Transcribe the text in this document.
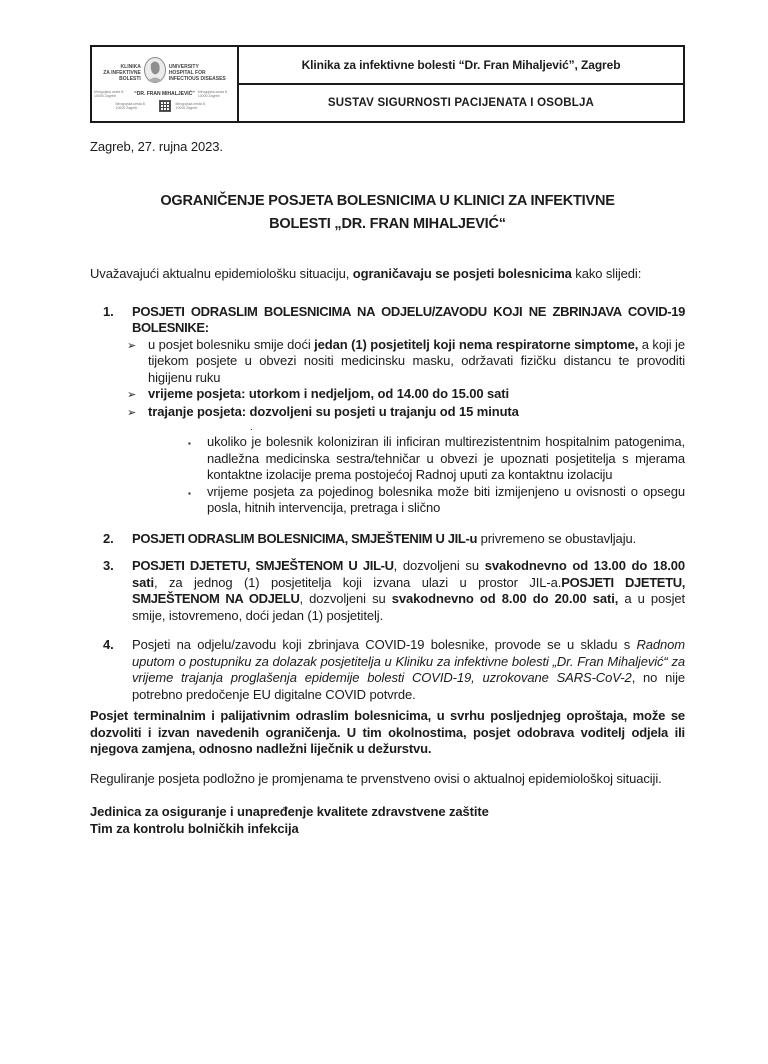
KLINIKA
ZA INFEKTIVNE
BOLESTI
UNIVERSITY
HOSPITAL FOR
INFECTIOUS DISEASES
Mirogojska cesta 8, 10000 Zagreb	“DR. FRAN MIHALJEVIĆ” Mirogojska cesta 8, 10000 Zagreb
Mirogojska cesta 8, 10000 Zagreb
Mirogojska cesta 8, 10000 Zagreb
Klinika za infektivne bolesti “Dr. Fran Mihaljević”, Zagreb
SUSTAV SIGURNOSTI PACIJENATA I OSOBLJA
Zagreb, 27. rujna 2023.
OGRANIČENJE POSJETA BOLESNICIMA U KLINICI ZA INFEKTIVNE
BOLESTI „DR. FRAN MIHALJEVIĆ“
Uvažavajući aktualnu epidemiološku situaciju, ograničavaju se posjeti bolesnicima kako slijedi:
1.	POSJETI ODRASLIM BOLESNICIMA NA ODJELU/ZAVODU KOJI NE ZBRINJAVA COVID-19 BOLESNIKE:
➢ u posjet bolesniku smije doći jedan (1) posjetitelj koji nema respiratorne simptome, a koji je tijekom posjete u obvezi nositi medicinsku masku, održavati fizičku distancu te provoditi higijenu ruku
➢ vrijeme posjeta: utorkom i nedjeljom, od 14.00 do 15.00 sati
➢ trajanje posjeta: dozvoljeni su posjeti u trajanju od 15 minuta
.
▪	ukoliko je bolesnik koloniziran ili inficiran multirezistentnim hospitalnim patogenima, nadležna medicinska sestra/tehničar u obvezi je upoznati posjetitelja s mjerama kontaktne izolacije prema postojećoj Radnoj uputi za kontaktnu izolaciju
▪	vrijeme posjeta za pojedinog bolesnika može biti izmijenjeno u ovisnosti o opsegu posla, hitnih intervencija, pretraga i slično
2.	POSJETI ODRASLIM BOLESNICIMA, SMJEŠTENIM U JIL-u privremeno se obustavljaju.
3.	POSJETI DJETETU, SMJEŠTENOM U JIL-U, dozvoljeni su svakodnevno od 13.00 do 18.00 sati, za jednog (1) posjetitelja koji izvana ulazi u prostor JIL-a.POSJETI DJETETU, SMJEŠTENOM NA ODJELU, dozvoljeni su svakodnevno od 8.00 do 20.00 sati, a u posjet smije, istovremeno, doći jedan (1) posjetitelj.
4.	Posjeti na odjelu/zavodu koji zbrinjava COVID-19 bolesnike, provode se u skladu s Radnom uputom o postupniku za dolazak posjetitelja u Kliniku za infektivne bolesti „Dr. Fran Mihaljević“ za vrijeme trajanja proglašenja epidemije bolesti COVID-19, uzrokovane SARS-CoV-2, no nije potrebno predočenje EU digitalne COVID potvrde.
Posjet terminalnim i palijativnim odraslim bolesnicima, u svrhu posljednjeg oproštaja, može se dozvoliti i izvan navedenih ograničenja. U tim okolnostima, posjet odobrava voditelj odjela ili njegova zamjena, odnosno nadležni liječnik u dežurstvu.
Reguliranje posjeta podložno je promjenama te prvenstveno ovisi o aktualnoj epidemiološkoj situaciji.
Jedinica za osiguranje i unapređenje kvalitete zdravstvene zaštite
Tim za kontrolu bolničkih infekcija
